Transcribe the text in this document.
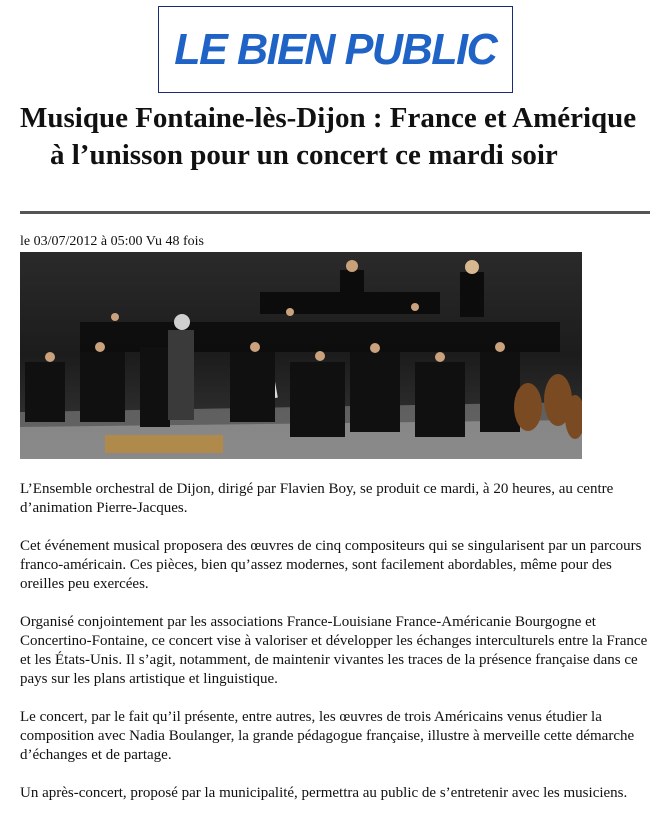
LE BIEN PUBLIC
Musique Fontaine-lès-Dijon : France et Amérique à l’unisson pour un concert ce mardi soir
le 03/07/2012 à 05:00 Vu 48 fois

L’Ensemble orchestral de Dijon, dirigé par Flavien Boy, se produit ce mardi, à 20 heures, au centre d’animation Pierre-Jacques.

Cet événement musical proposera des œuvres de cinq compositeurs qui se singularisent par un parcours franco-américain. Ces pièces, bien qu’assez modernes, sont facilement abordables, même pour des oreilles peu exercées.

Organisé conjointement par les associations France-Louisiane France-Américanie Bourgogne et Concertino-Fontaine, ce concert vise à valoriser et développer les échanges interculturels entre la France et les États-Unis. Il s’agit, notamment, de maintenir vivantes les traces de la présence française dans ce pays sur les plans artistique et linguistique.

Le concert, par le fait qu’il présente, entre autres, les œuvres de trois Américains venus étudier la composition avec Nadia Boulanger, la grande pédagogue française, illustre à merveille cette démarche d’échanges et de partage.

Un après-concert, proposé par la municipalité, permettra au public de s’entretenir avec les musiciens.
